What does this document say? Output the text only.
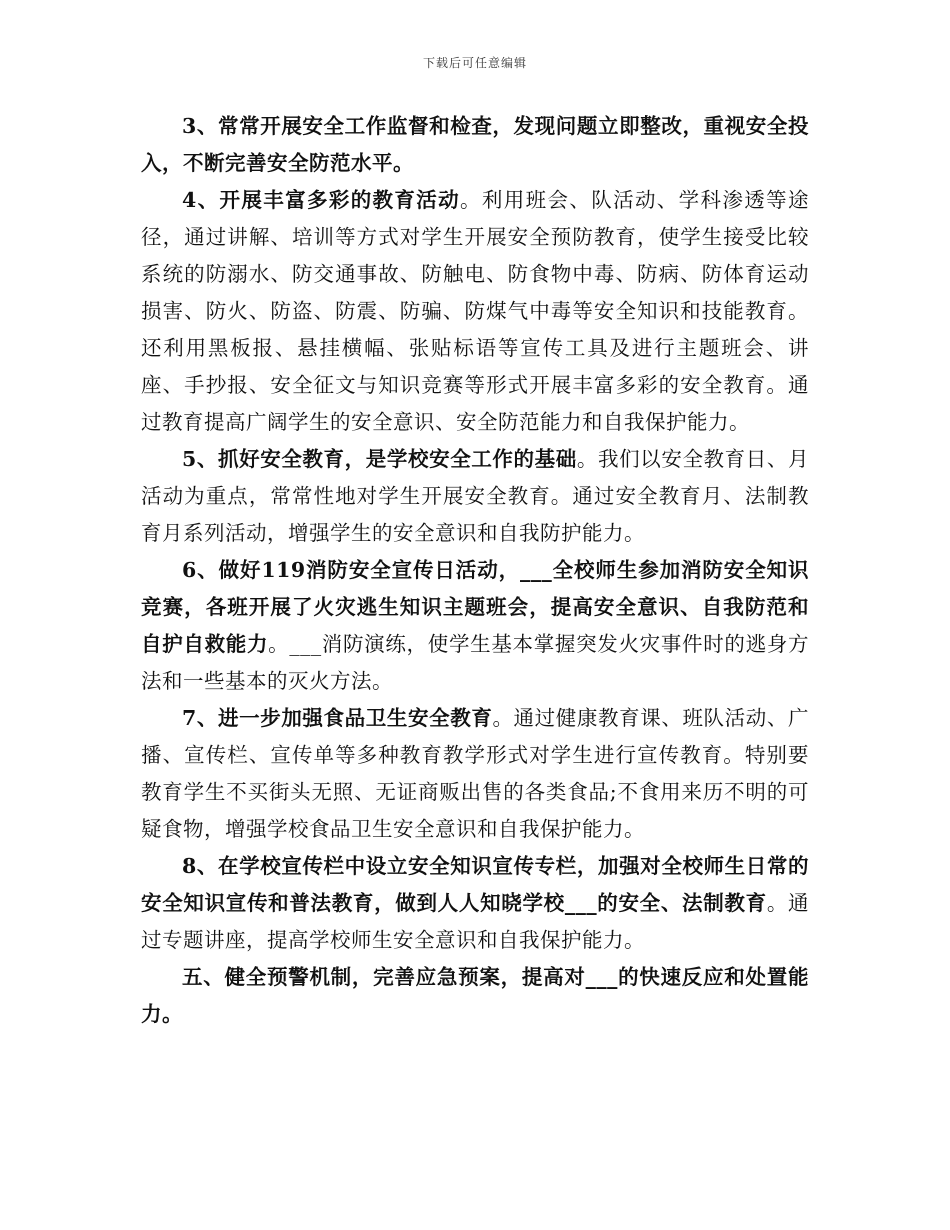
下载后可任意编辑

3、常常开展安全工作监督和检查，发现问题立即整改，重视安全投入，不断完善安全防范水平。

4、开展丰富多彩的教育活动。利用班会、队活动、学科渗透等途径，通过讲解、培训等方式对学生开展安全预防教育，使学生接受比较系统的防溺水、防交通事故、防触电、防食物中毒、防病、防体育运动损害、防火、防盗、防震、防骗、防煤气中毒等安全知识和技能教育。还利用黑板报、悬挂横幅、张贴标语等宣传工具及进行主题班会、讲座、手抄报、安全征文与知识竞赛等形式开展丰富多彩的安全教育。通过教育提高广阔学生的安全意识、安全防范能力和自我保护能力。

5、抓好安全教育，是学校安全工作的基础。我们以安全教育日、月活动为重点，常常性地对学生开展安全教育。通过安全教育月、法制教育月系列活动，增强学生的安全意识和自我防护能力。

6、做好119消防安全宣传日活动，___全校师生参加消防安全知识竞赛，各班开展了火灾逃生知识主题班会，提高安全意识、自我防范和自护自救能力。___消防演练，使学生基本掌握突发火灾事件时的逃身方法和一些基本的灭火方法。

7、进一步加强食品卫生安全教育。通过健康教育课、班队活动、广播、宣传栏、宣传单等多种教育教学形式对学生进行宣传教育。特别要教育学生不买街头无照、无证商贩出售的各类食品;不食用来历不明的可疑食物，增强学校食品卫生安全意识和自我保护能力。

8、在学校宣传栏中设立安全知识宣传专栏，加强对全校师生日常的安全知识宣传和普法教育，做到人人知晓学校___的安全、法制教育。通过专题讲座，提高学校师生安全意识和自我保护能力。

五、健全预警机制，完善应急预案，提高对___的快速反应和处置能力。
